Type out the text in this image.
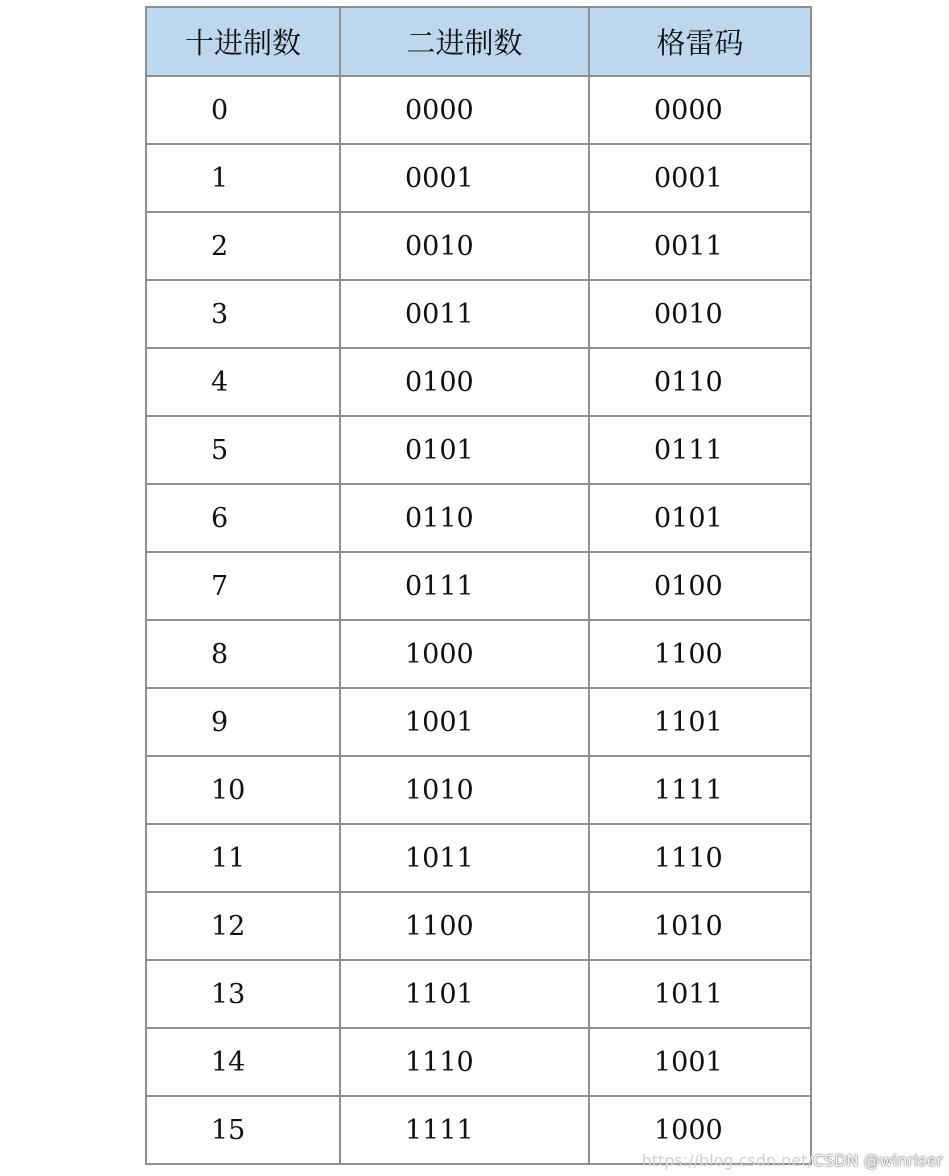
十进制数	二进制数	格雷码
0	0000	0000
1	0001	0001
2	0010	0011
3	0011	0010
4	0100	0110
5	0101	0111
6	0110	0101
7	0111	0100
8	1000	1100
9	1001	1101
10	1010	1111
11	1011	1110
12	1100	1010
13	1101	1011
14	1110	1001
15	1111	1000
https://blog.csdn.net/CSDN @winriser
